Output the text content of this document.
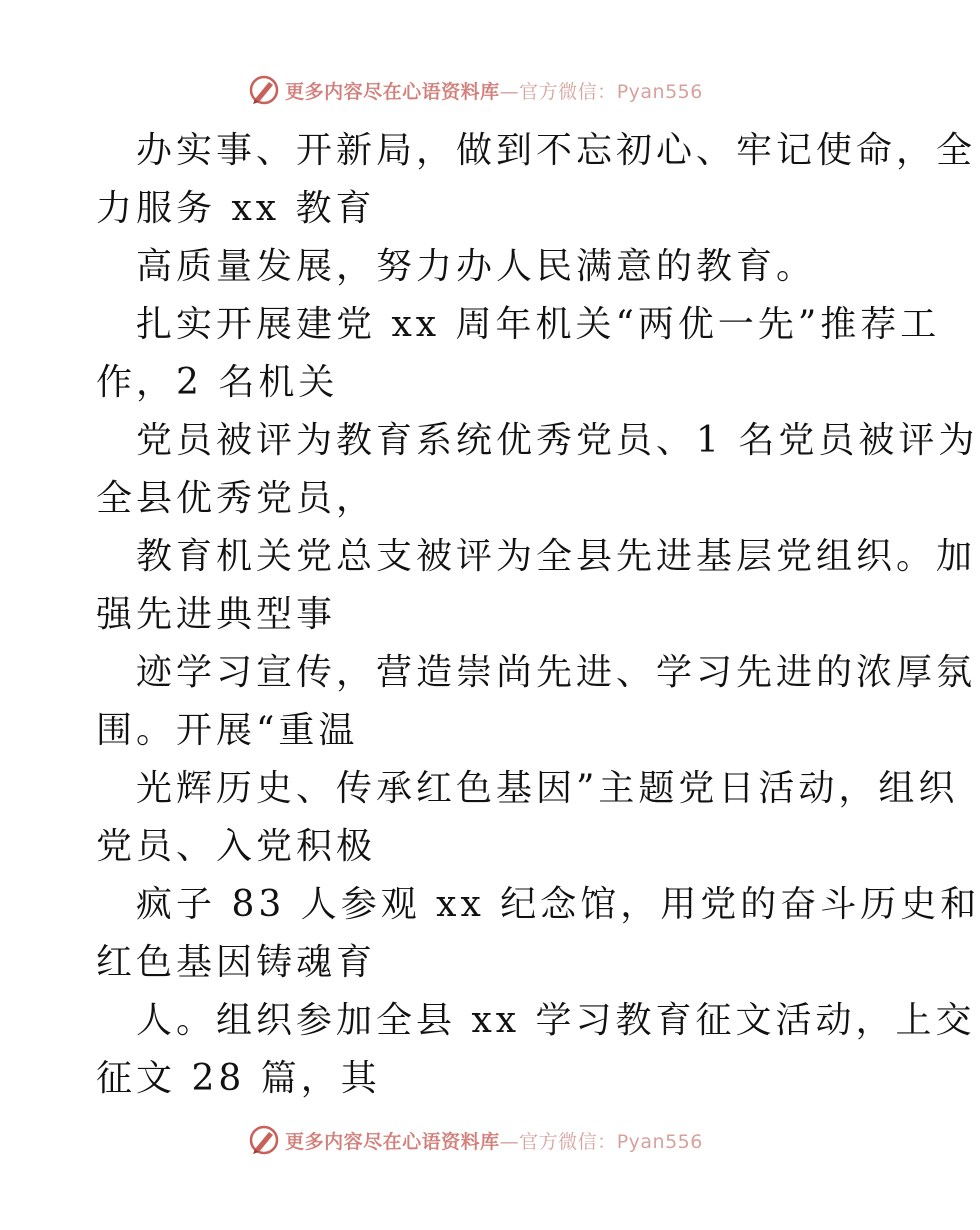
更多内容尽在心语资料库—官方微信：Pyan556
办实事、开新局，做到不忘初心、牢记使命，全
力服务 xx 教育
高质量发展，努力办人民满意的教育。
扎实开展建党 xx 周年机关“两优一先”推荐工
作，2 名机关
党员被评为教育系统优秀党员、1 名党员被评为
全县优秀党员，
教育机关党总支被评为全县先进基层党组织。加
强先进典型事
迹学习宣传，营造崇尚先进、学习先进的浓厚氛
围。开展“重温
光辉历史、传承红色基因”主题党日活动，组织
党员、入党积极
疯子 83 人参观 xx 纪念馆，用党的奋斗历史和
红色基因铸魂育
人。组织参加全县 xx 学习教育征文活动，上交
征文 28 篇，其
更多内容尽在心语资料库—官方微信：Pyan556
